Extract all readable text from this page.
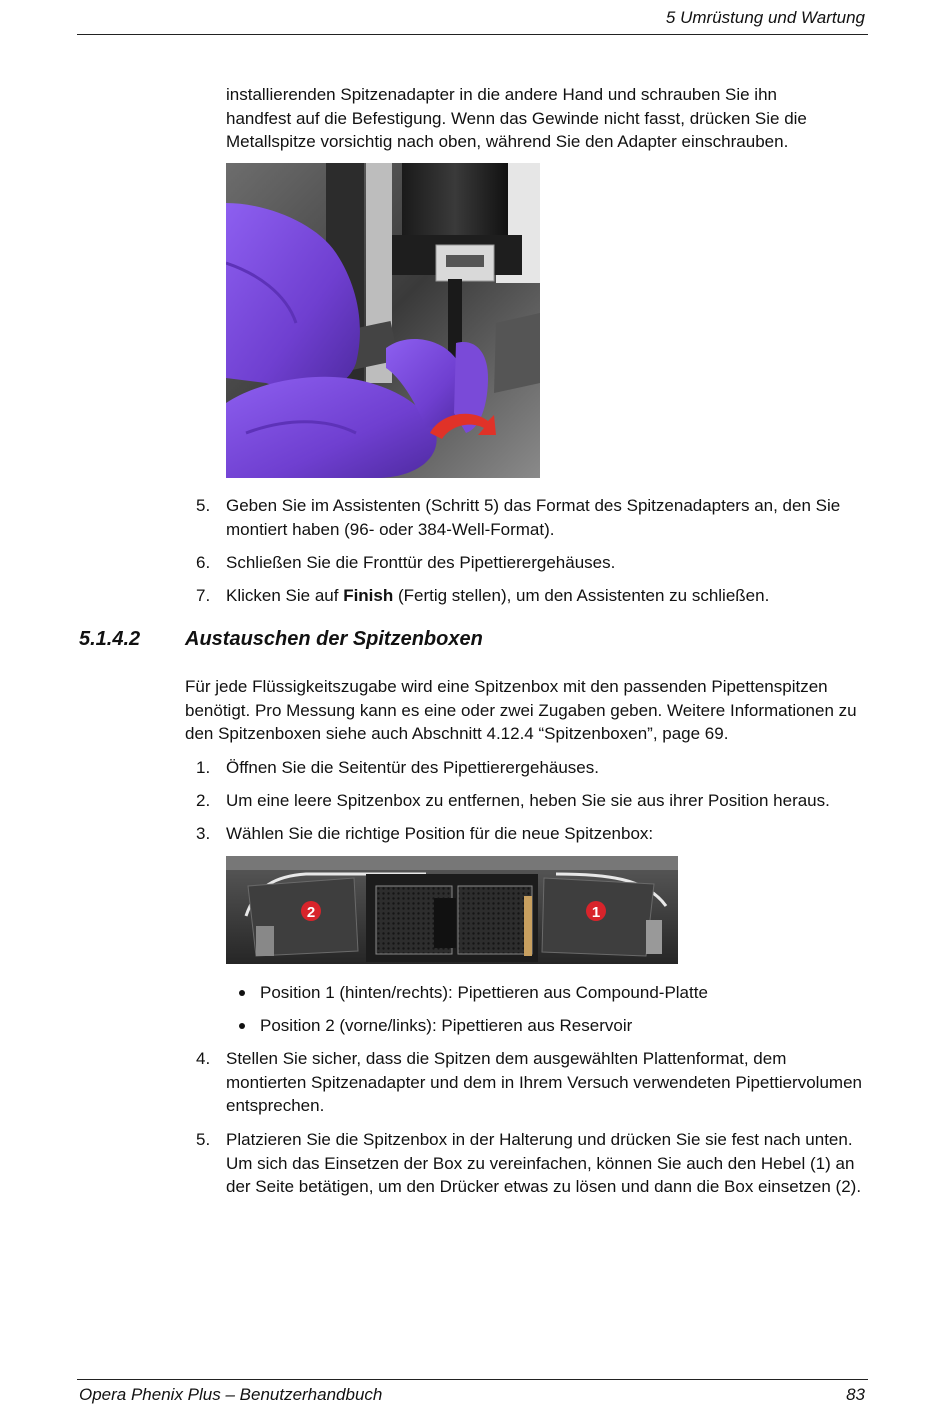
5 Umrüstung und Wartung

installierenden Spitzenadapter in die andere Hand und schrauben Sie ihn handfest auf die Befestigung. Wenn das Gewinde nicht fasst, drücken Sie die Metallspitze vorsichtig nach oben, während Sie den Adapter einschrauben.

5. Geben Sie im Assistenten (Schritt 5) das Format des Spitzenadapters an, den Sie montiert haben (96- oder 384-Well-Format).
6. Schließen Sie die Fronttür des Pipettierergehäuses.
7. Klicken Sie auf Finish (Fertig stellen), um den Assistenten zu schließen.
5.1.4.2 Austauschen der Spitzenboxen

Für jede Flüssigkeitszugabe wird eine Spitzenbox mit den passenden Pipettenspitzen benötigt. Pro Messung kann es eine oder zwei Zugaben geben. Weitere Informationen zu den Spitzenboxen siehe auch Abschnitt 4.12.4 “Spitzenboxen”, page 69.

1. Öffnen Sie die Seitentür des Pipettierergehäuses.
2. Um eine leere Spitzenbox zu entfernen, heben Sie sie aus ihrer Position heraus.
3. Wählen Sie die richtige Position für die neue Spitzenbox:
2	1
Position 1 (hinten/rechts): Pipettieren aus Compound-Platte
Position 2 (vorne/links): Pipettieren aus Reservoir
4. Stellen Sie sicher, dass die Spitzen dem ausgewählten Plattenformat, dem montierten Spitzenadapter und dem in Ihrem Versuch verwendeten Pipettiervolumen entsprechen.
5. Platzieren Sie die Spitzenbox in der Halterung und drücken Sie sie fest nach unten. Um sich das Einsetzen der Box zu vereinfachen, können Sie auch den Hebel (1) an der Seite betätigen, um den Drücker etwas zu lösen und dann die Box einsetzen (2).
Opera Phenix Plus – Benutzerhandbuch	83
